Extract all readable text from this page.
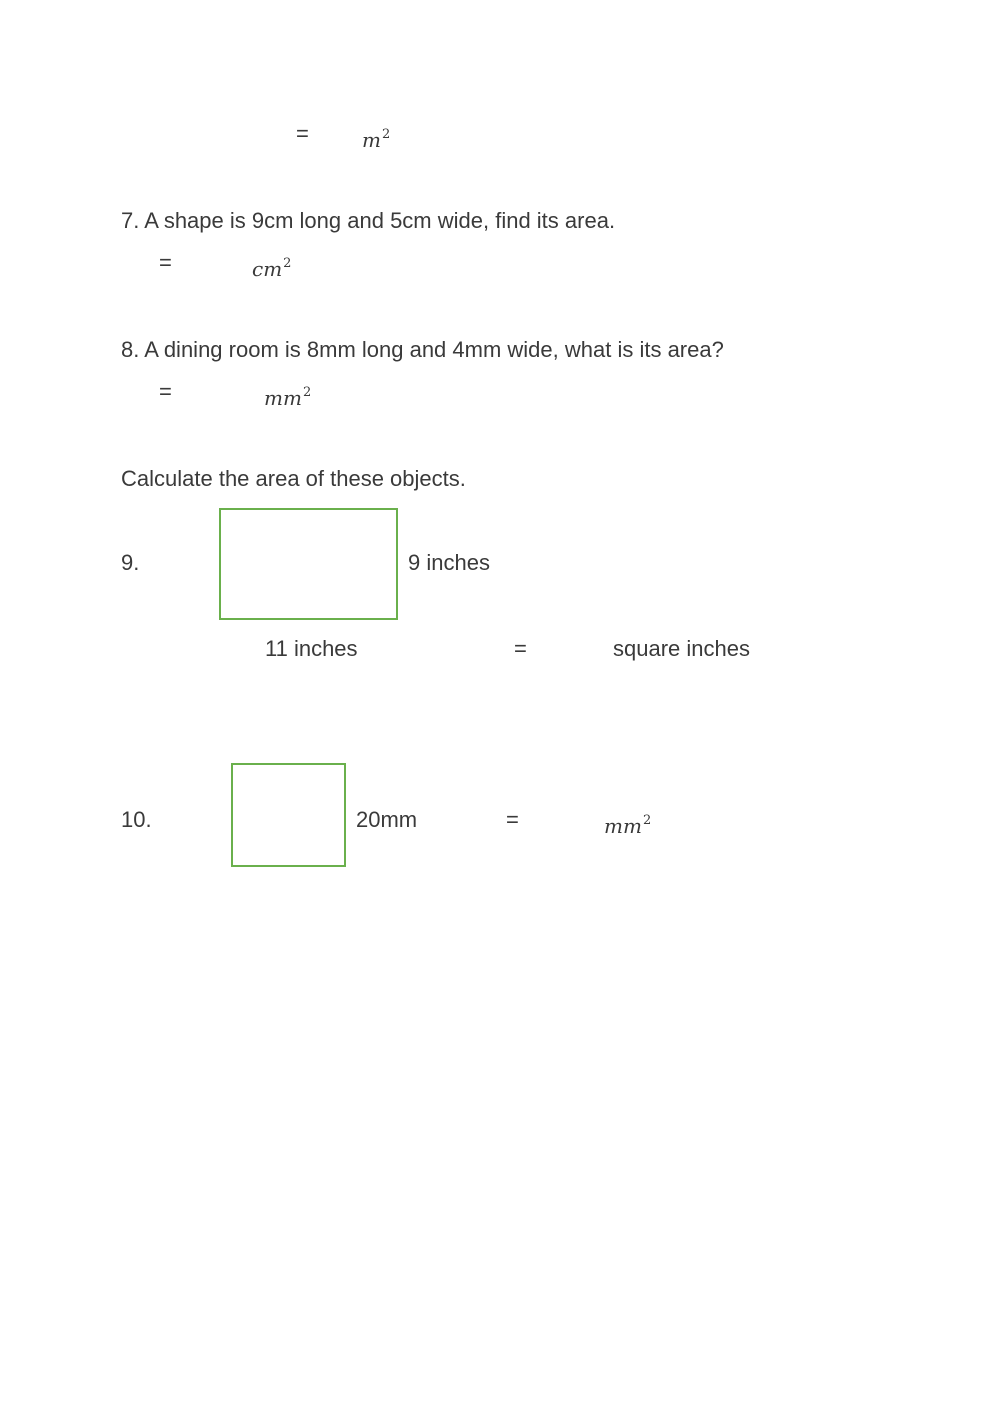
=	$m^2$
7. A shape is 9cm long and 5cm wide, find its area.
=	$cm^2$
8. A dining room is 8mm long and 4mm wide, what is its area?
=	$mm^2$
Calculate the area of these objects.
9.	9 inches
11 inches	=	square inches
10.	20mm	=	$mm^2$
